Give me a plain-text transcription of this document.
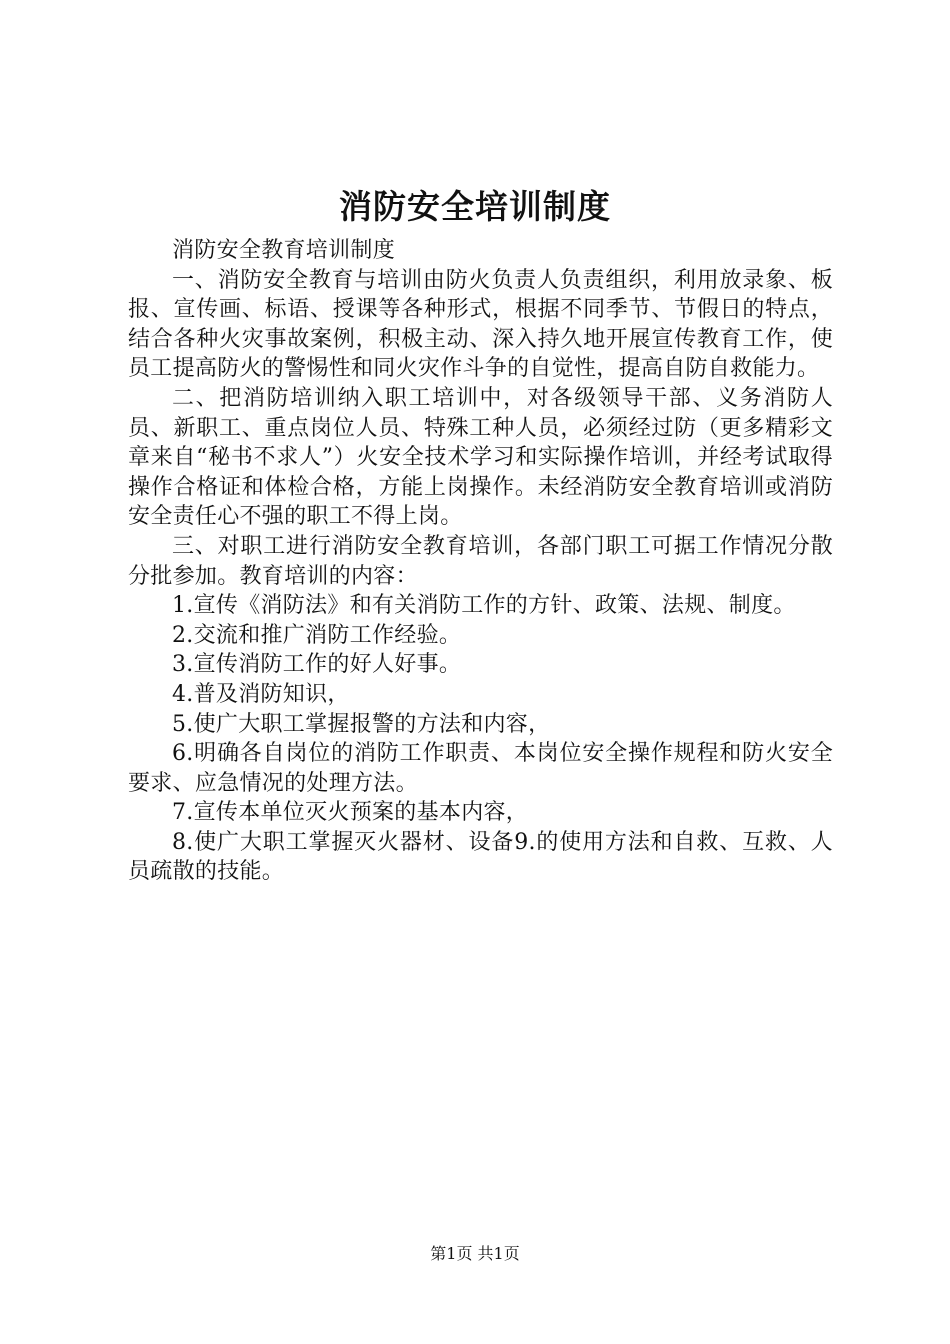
消防安全培训制度

消防安全教育培训制度

一、消防安全教育与培训由防火负责人负责组织，利用放录象、板报、宣传画、标语、授课等各种形式，根据不同季节、节假日的特点，结合各种火灾事故案例，积极主动、深入持久地开展宣传教育工作，使员工提高防火的警惕性和同火灾作斗争的自觉性，提高自防自救能力。

二、把消防培训纳入职工培训中，对各级领导干部、义务消防人员、新职工、重点岗位人员、特殊工种人员，必须经过防（更多精彩文章来自“秘书不求人”）火安全技术学习和实际操作培训，并经考试取得操作合格证和体检合格，方能上岗操作。未经消防安全教育培训或消防安全责任心不强的职工不得上岗。

三、对职工进行消防安全教育培训，各部门职工可据工作情况分散分批参加。教育培训的内容：

1.宣传《消防法》和有关消防工作的方针、政策、法规、制度。

2.交流和推广消防工作经验。

3.宣传消防工作的好人好事。

4.普及消防知识，

5.使广大职工掌握报警的方法和内容，

6.明确各自岗位的消防工作职责、本岗位安全操作规程和防火安全要求、应急情况的处理方法。

7.宣传本单位灭火预案的基本内容，

8.使广大职工掌握灭火器材、设备9.的使用方法和自救、互救、人员疏散的技能。

第1页 共1页
